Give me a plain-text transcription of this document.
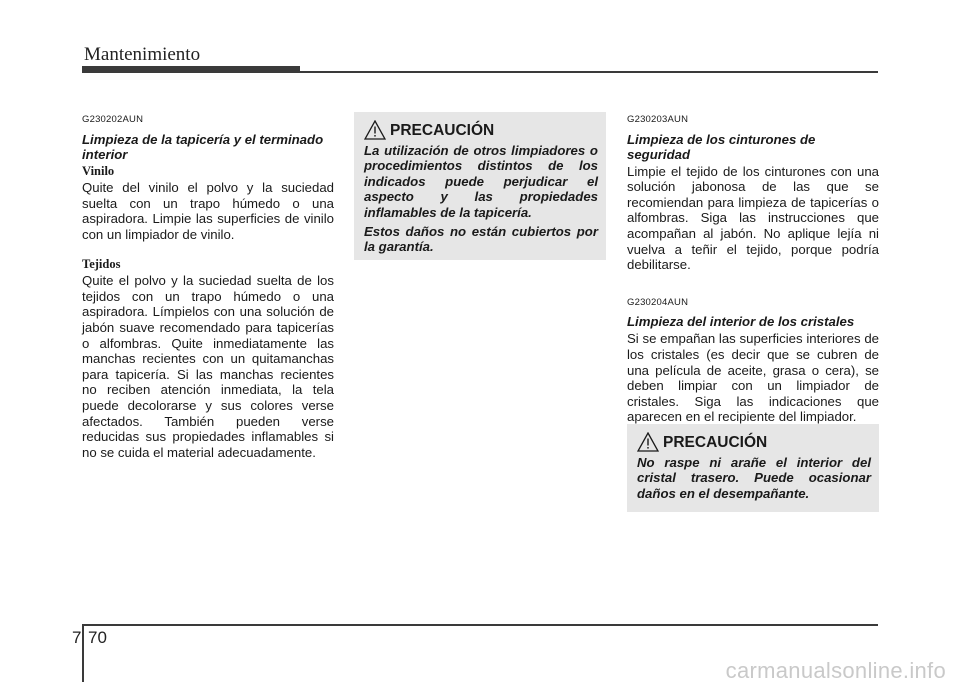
Mantenimiento

G230202AUN

Limpieza de la tapicería y el terminado interior

Vinilo

Quite del vinilo el polvo y la suciedad suelta con un trapo húmedo o una aspiradora. Limpie las superficies de vinilo con un limpiador de vinilo.

Tejidos

Quite el polvo y la suciedad suelta de los tejidos con un trapo húmedo o una aspiradora. Límpielos con una solución de jabón suave recomendado para tapicerías o alfombras. Quite inmediatamente las manchas recientes con un quitamanchas para tapicería. Si las manchas recientes no reciben atención inmediata, la tela puede decolorarse y sus colores verse afectados. También pueden verse reducidas sus propiedades inflamables si no se cuida el material adecuadamente.

PRECAUCIÓN

La utilización de otros limpiadores o procedimientos distintos de los indicados puede perjudicar el aspecto y las propiedades inflamables de la tapicería.

Estos daños no están cubiertos por la garantía.

G230203AUN

Limpieza de los cinturones de seguridad

Limpie el tejido de los cinturones con una solución jabonosa de las que se recomiendan para limpieza de tapicerías o alfombras. Siga las instrucciones que acompañan al jabón. No aplique lejía ni vuelva a teñir el tejido, porque podría debilitarse.

G230204AUN

Limpieza del interior de los cristales

Si se empañan las superficies interiores de los cristales (es decir que se cubren de una película de aceite, grasa o cera), se deben limpiar con un limpiador de cristales. Siga las indicaciones que aparecen en el recipiente del limpiador.

PRECAUCIÓN

No raspe ni arañe el interior del cristal trasero. Puede ocasionar daños en el desempañante.

7 70
carmanualsonline.info
